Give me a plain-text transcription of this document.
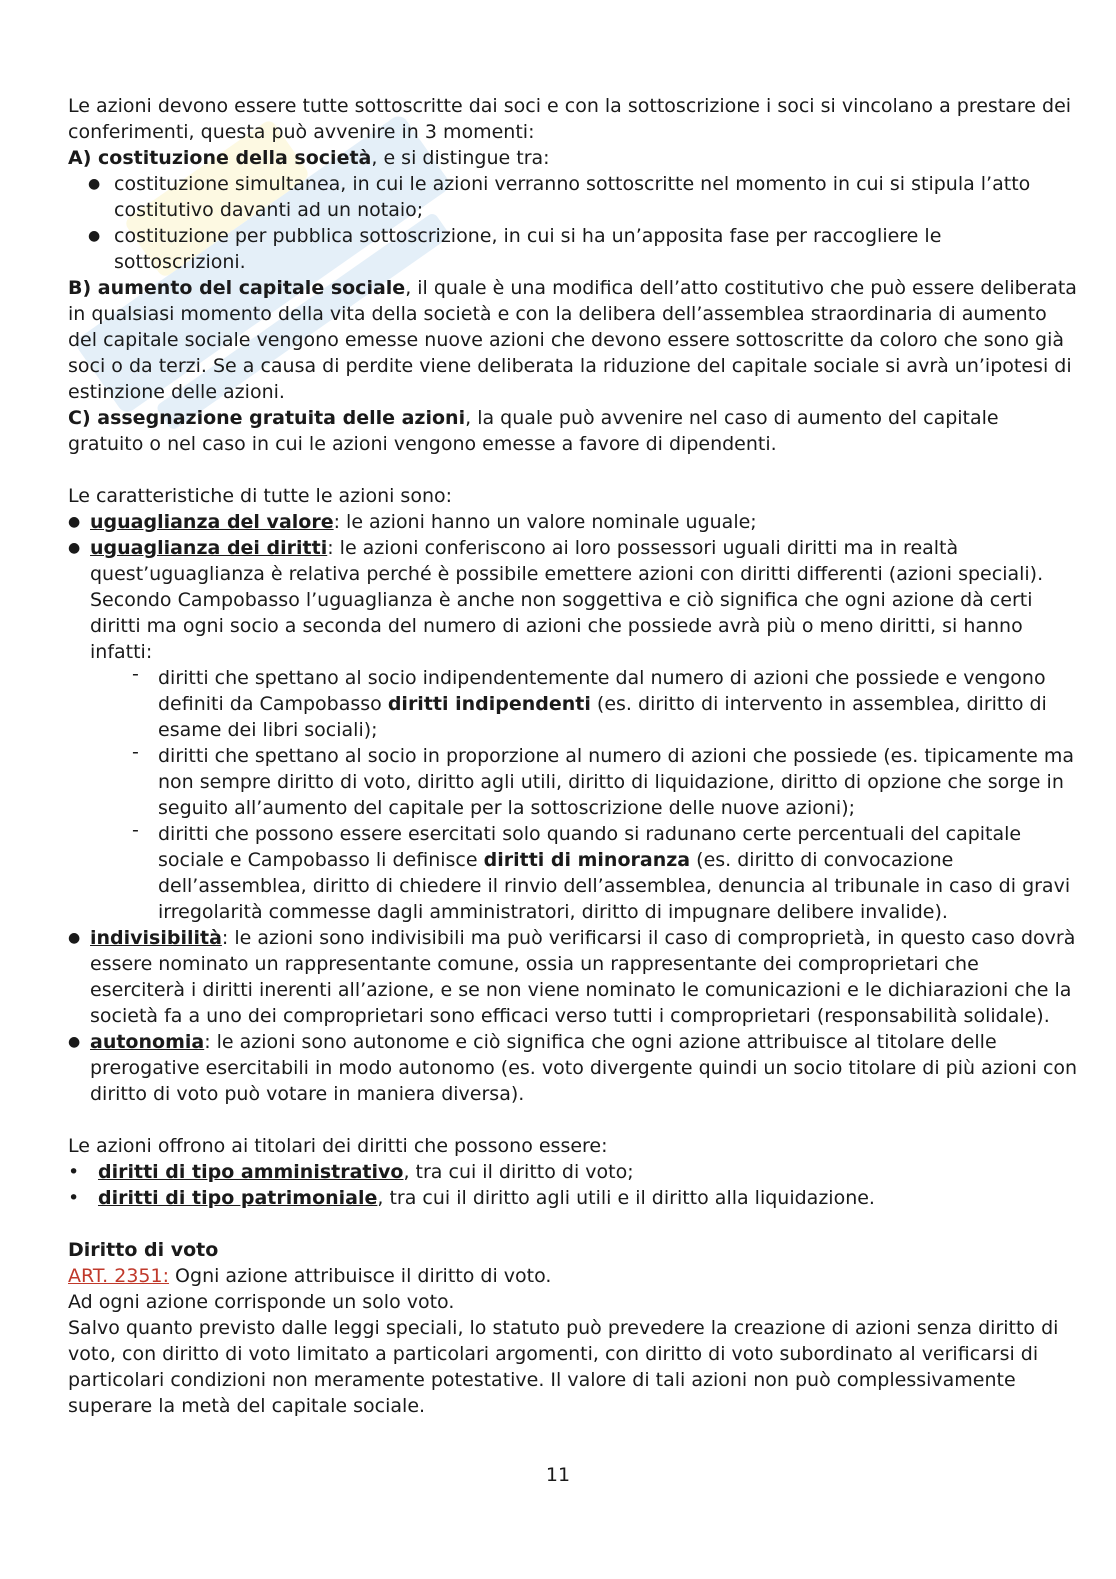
Le azioni devono essere tutte sottoscritte dai soci e con la sottoscrizione i soci si vincolano a prestare dei conferimenti, questa può avvenire in 3 momenti:

A) costituzione della società, e si distingue tra:

● costituzione simultanea, in cui le azioni verranno sottoscritte nel momento in cui si stipula l’atto costitutivo davanti ad un notaio;
● costituzione per pubblica sottoscrizione, in cui si ha un’apposita fase per raccogliere le sottoscrizioni.

B) aumento del capitale sociale, il quale è una modifica dell’atto costitutivo che può essere deliberata in qualsiasi momento della vita della società e con la delibera dell’assemblea straordinaria di aumento del capitale sociale vengono emesse nuove azioni che devono essere sottoscritte da coloro che sono già soci o da terzi. Se a causa di perdite viene deliberata la riduzione del capitale sociale si avrà un’ipotesi di estinzione delle azioni.

C) assegnazione gratuita delle azioni, la quale può avvenire nel caso di aumento del capitale gratuito o nel caso in cui le azioni vengono emesse a favore di dipendenti.

Le caratteristiche di tutte le azioni sono:

● uguaglianza del valore: le azioni hanno un valore nominale uguale;
● uguaglianza dei diritti: le azioni conferiscono ai loro possessori uguali diritti ma in realtà quest’uguaglianza è relativa perché è possibile emettere azioni con diritti differenti (azioni speciali). Secondo Campobasso l’uguaglianza è anche non soggettiva e ciò significa che ogni azione dà certi diritti ma ogni socio a seconda del numero di azioni che possiede avrà più o meno diritti, si hanno infatti:
- diritti che spettano al socio indipendentemente dal numero di azioni che possiede e vengono definiti da Campobasso diritti indipendenti (es. diritto di intervento in assemblea, diritto di esame dei libri sociali);
- diritti che spettano al socio in proporzione al numero di azioni che possiede (es. tipicamente ma non sempre diritto di voto, diritto agli utili, diritto di liquidazione, diritto di opzione che sorge in seguito all’aumento del capitale per la sottoscrizione delle nuove azioni);
- diritti che possono essere esercitati solo quando si radunano certe percentuali del capitale sociale e Campobasso li definisce diritti di minoranza (es. diritto di convocazione dell’assemblea, diritto di chiedere il rinvio dell’assemblea, denuncia al tribunale in caso di gravi irregolarità commesse dagli amministratori, diritto di impugnare delibere invalide).
● indivisibilità: le azioni sono indivisibili ma può verificarsi il caso di comproprietà, in questo caso dovrà essere nominato un rappresentante comune, ossia un rappresentante dei comproprietari che eserciterà i diritti inerenti all’azione, e se non viene nominato le comunicazioni e le dichiarazioni che la società fa a uno dei comproprietari sono efficaci verso tutti i comproprietari (responsabilità solidale).
● autonomia: le azioni sono autonome e ciò significa che ogni azione attribuisce al titolare delle prerogative esercitabili in modo autonomo (es. voto divergente quindi un socio titolare di più azioni con diritto di voto può votare in maniera diversa).

Le azioni offrono ai titolari dei diritti che possono essere:

• diritti di tipo amministrativo, tra cui il diritto di voto;
• diritti di tipo patrimoniale, tra cui il diritto agli utili e il diritto alla liquidazione.

Diritto di voto

ART. 2351: Ogni azione attribuisce il diritto di voto.

Ad ogni azione corrisponde un solo voto.

Salvo quanto previsto dalle leggi speciali, lo statuto può prevedere la creazione di azioni senza diritto di voto, con diritto di voto limitato a particolari argomenti, con diritto di voto subordinato al verificarsi di particolari condizioni non meramente potestative. Il valore di tali azioni non può complessivamente superare la metà del capitale sociale.

11
